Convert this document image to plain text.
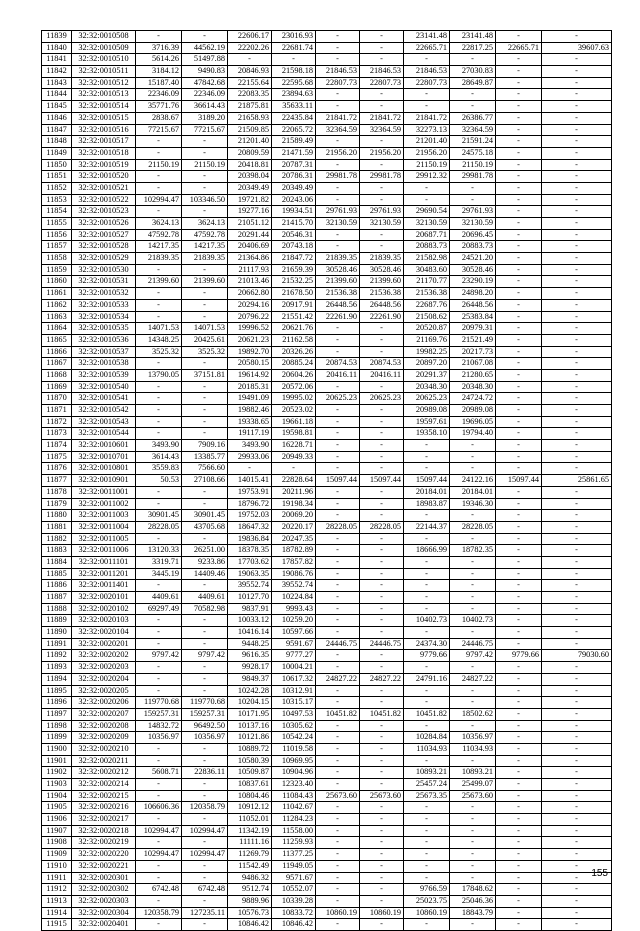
11839	32:32:0010508	-	-	22606.17	23016.93	-	-	23141.48	23141.48	-	-
11840	32:32:0010509	3716.39	44562.19	22202.26	22681.74	-	-	22665.71	22817.25	22665.71	39607.63
11841	32:32:0010510	5614.26	51497.88	-	-	-	-	-	-	-	-
11842	32:32:0010511	3184.12	9490.83	20846.93	21598.18	21846.53	21846.53	21846.53	27030.83	-	-
11843	32:32:0010512	15187.40	47842.68	22155.64	22595.68	22807.73	22807.73	22807.73	28649.87	-	-
11844	32:32:0010513	22346.09	22346.09	22083.35	23894.63	-	-	-	-	-	-
11845	32:32:0010514	35771.76	36614.43	21875.81	35633.11	-	-	-	-	-	-
11846	32:32:0010515	2838.67	3189.20	21658.93	22435.84	21841.72	21841.72	21841.72	26386.77	-	-
11847	32:32:0010516	77215.67	77215.67	21509.85	22065.72	32364.59	32364.59	32273.13	32364.59	-	-
11848	32:32:0010517	-	-	21201.40	21589.49	-	-	21201.40	21591.24	-	-
11849	32:32:0010518	-	-	20809.59	21471.59	21956.20	21956.20	21956.20	24575.18	-	-
11850	32:32:0010519	21150.19	21150.19	20418.81	20787.31	-	-	21150.19	21150.19	-	-
11851	32:32:0010520	-	-	20398.04	20786.31	29981.78	29981.78	29912.32	29981.78	-	-
11852	32:32:0010521	-	-	20349.49	20349.49	-	-	-	-	-	-
11853	32:32:0010522	102994.47	103346.50	19721.82	20243.06	-	-	-	-	-	-
11854	32:32:0010523	-	-	19277.16	19934.51	29761.93	29761.93	29690.54	29761.93	-	-
11855	32:32:0010526	3624.13	3624.13	21051.12	21415.70	32130.59	32130.59	32130.59	32130.59	-	-
11856	32:32:0010527	47592.78	47592.78	20291.44	20546.31	-	-	20687.71	20696.45	-	-
11857	32:32:0010528	14217.35	14217.35	20406.69	20743.18	-	-	20883.73	20883.73	-	-
11858	32:32:0010529	21839.35	21839.35	21364.86	21847.72	21839.35	21839.35	21582.98	24521.20	-	-
11859	32:32:0010530	-	-	21117.93	21659.39	30528.46	30528.46	30483.60	30528.46	-	-
11860	32:32:0010531	21399.60	21399.60	21013.46	21532.25	21399.60	21399.60	21170.77	23290.19	-	-
11861	32:32:0010532	-	-	20662.80	21678.50	21536.38	21536.38	21536.38	24898.20	-	-
11862	32:32:0010533	-	-	20294.16	20917.91	26448.56	26448.56	22687.76	26448.56	-	-
11863	32:32:0010534	-	-	20796.22	21551.42	22261.90	22261.90	21508.62	25383.84	-	-
11864	32:32:0010535	14071.53	14071.53	19996.52	20621.76	-	-	20520.87	20979.31	-	-
11865	32:32:0010536	14348.25	20425.61	20621.23	21162.58	-	-	21169.76	21521.49	-	-
11866	32:32:0010537	3525.32	3525.32	19892.70	20326.26	-	-	19982.25	20217.73	-	-
11867	32:32:0010538	-	-	20580.15	20885.24	20874.53	20874.53	20897.20	21067.08	-	-
11868	32:32:0010539	13790.05	37151.81	19614.92	20604.26	20416.11	20416.11	20291.37	21280.65	-	-
11869	32:32:0010540	-	-	20185.31	20572.06	-	-	20348.30	20348.30	-	-
11870	32:32:0010541	-	-	19491.09	19995.02	20625.23	20625.23	20625.23	24724.72	-	-
11871	32:32:0010542	-	-	19882.46	20523.02	-	-	20989.08	20989.08	-	-
11872	32:32:0010543	-	-	19338.65	19661.18	-	-	19597.61	19696.05	-	-
11873	32:32:0010544	-	-	19117.19	19598.81	-	-	19358.10	19794.40	-	-
11874	32:32:0010601	3493.90	7909.16	3493.90	16228.71	-	-	-	-	-	-
11875	32:32:0010701	3614.43	13385.77	29933.06	20949.33	-	-	-	-	-	-
11876	32:32:0010801	3559.83	7566.60	-	-	-	-	-	-	-	-
11877	32:32:0010901	50.53	27108.66	14015.41	22828.64	15097.44	15097.44	15097.44	24122.16	15097.44	25861.65
11878	32:32:0011001	-	-	19753.91	20211.96	-	-	20184.01	20184.01	-	-
11879	32:32:0011002	-	-	18796.72	19198.34	-	-	18983.87	19346.30	-	-
11880	32:32:0011003	30901.45	30901.45	19752.03	20069.20	-	-	-	-	-	-
11881	32:32:0011004	28228.05	43705.68	18647.32	20220.17	28228.05	28228.05	22144.37	28228.05	-	-
11882	32:32:0011005	-	-	19836.84	20247.35	-	-	-	-	-	-
11883	32:32:0011006	13120.33	26251.00	18378.35	18782.89	-	-	18666.99	18782.35	-	-
11884	32:32:0011101	3319.71	9233.86	17703.62	17857.82	-	-	-	-	-	-
11885	32:32:0011201	3445.19	14409.46	19063.35	19086.76	-	-	-	-	-	-
11886	32:32:0011401	-	-	39552.74	39552.74	-	-	-	-	-	-
11887	32:32:0020101	4409.61	4409.61	10127.70	10224.84	-	-	-	-	-	-
11888	32:32:0020102	69297.49	70582.98	9837.91	9993.43	-	-	-	-	-	-
11889	32:32:0020103	-	-	10033.12	10259.20	-	-	10402.73	10402.73	-	-
11890	32:32:0020104	-	-	10416.14	10597.66	-	-	-	-	-	-
11891	32:32:0020201	-	-	9448.25	9591.67	24446.75	24446.75	24374.30	24446.75	-	-
11892	32:32:0020202	9797.42	9797.42	9616.35	9777.27	-	-	9779.66	9797.42	9779.66	79030.60
11893	32:32:0020203	-	-	9928.17	10004.21	-	-	-	-	-	-
11894	32:32:0020204	-	-	9849.37	10617.32	24827.22	24827.22	24791.16	24827.22	-	-
11895	32:32:0020205	-	-	10242.28	10312.91	-	-	-	-	-	-
11896	32:32:0020206	119770.68	119770.68	10204.15	10315.17	-	-	-	-	-	-
11897	32:32:0020207	159257.31	159257.31	10171.95	10497.53	10451.82	10451.82	10451.82	18502.62	-	-
11898	32:32:0020208	14832.72	96492.50	10137.16	10305.62	-	-	-	-	-	-
11899	32:32:0020209	10356.97	10356.97	10121.86	10542.24	-	-	10284.84	10356.97	-	-
11900	32:32:0020210	-	-	10889.72	11019.58	-	-	11034.93	11034.93	-	-
11901	32:32:0020211	-	-	10580.39	10969.95	-	-	-	-	-	-
11902	32:32:0020212	5608.71	22836.11	10509.87	10904.96	-	-	10893.21	10893.21	-	-
11903	32:32:0020214	-	-	10837.61	12323.40	-	-	25457.24	25499.07	-	-
11904	32:32:0020215	-	-	10804.46	11084.43	25673.60	25673.60	25673.35	25673.60	-	-
11905	32:32:0020216	106606.36	120358.79	10912.12	11042.67	-	-	-	-	-	-
11906	32:32:0020217	-	-	11052.01	11284.23	-	-	-	-	-	-
11907	32:32:0020218	102994.47	102994.47	11342.19	11558.00	-	-	-	-	-	-
11908	32:32:0020219	-	-	11111.16	11259.93	-	-	-	-	-	-
11909	32:32:0020220	102994.47	102994.47	11269.79	11377.25	-	-	-	-	-	-
11910	32:32:0020221	-	-	11542.49	11949.05	-	-	-	-	-	-
11911	32:32:0020301	-	-	9486.32	9571.67	-	-	-	-	-	-
11912	32:32:0020302	6742.48	6742.48	9512.74	10552.07	-	-	9766.59	17848.62	-	-
11913	32:32:0020303	-	-	9889.96	10339.28	-	-	25023.75	25046.36	-	-
11914	32:32:0020304	120358.79	127235.11	10576.73	10833.72	10860.19	10860.19	10860.19	18843.79	-	-
11915	32:32:0020401	-	-	10846.42	10846.42	-	-	-	-	-	-
155
